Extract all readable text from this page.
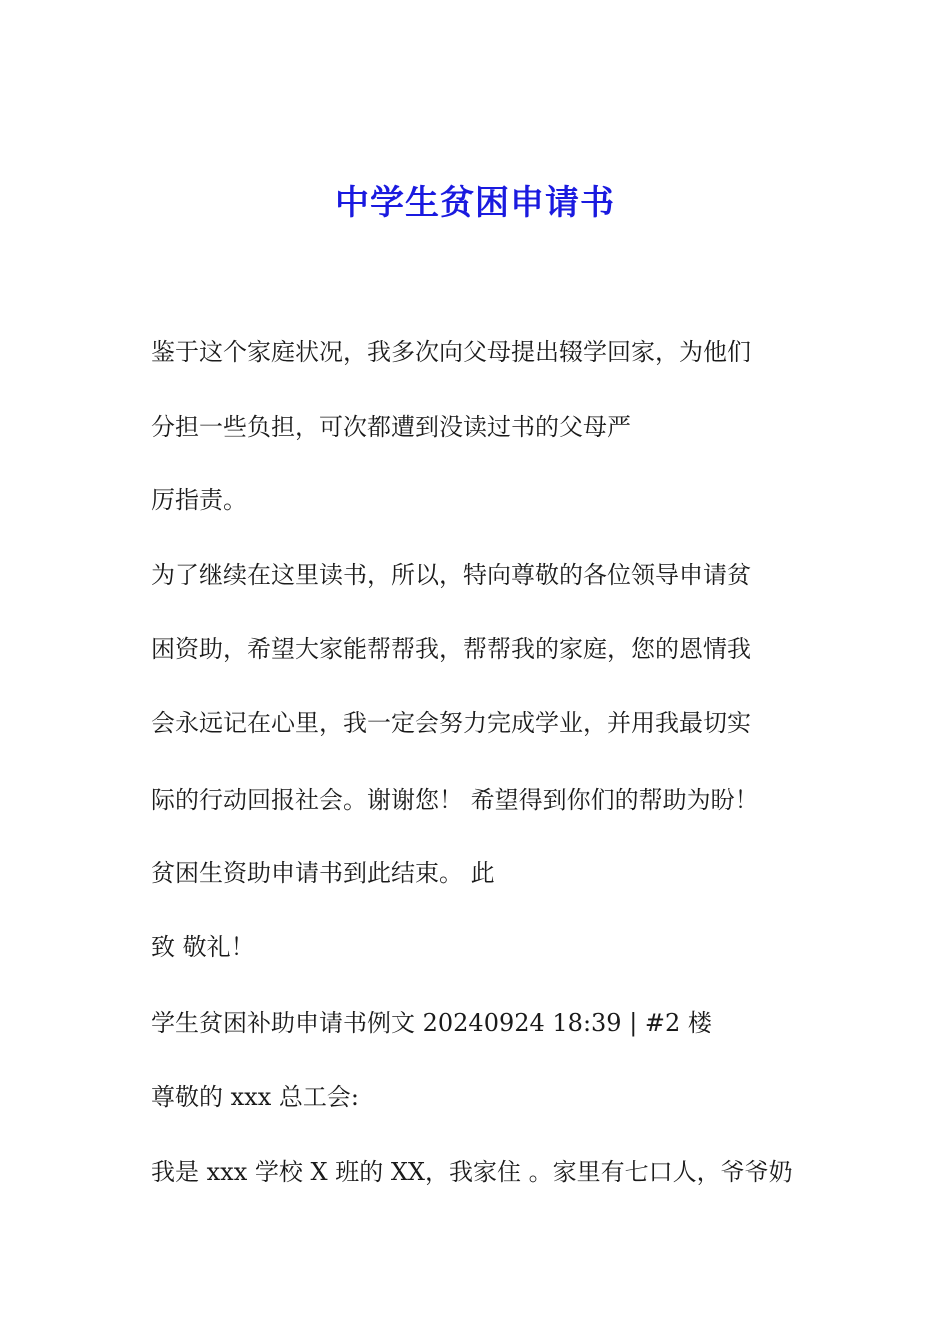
中学生贫困申请书
鉴于这个家庭状况，我多次向父母提出辍学回家，为他们
分担一些负担，可次都遭到没读过书的父母严
厉指责。
为了继续在这里读书，所以，特向尊敬的各位领导申请贫
困资助，希望大家能帮帮我，帮帮我的家庭，您的恩情我
会永远记在心里，我一定会努力完成学业，并用我最切实
际的行动回报社会。谢谢您！ 希望得到你们的帮助为盼！
贫困生资助申请书到此结束。 此
致 敬礼！
学生贫困补助申请书例文 20240924 18:39 | #2 楼
尊敬的 xxx 总工会:
我是 xxx 学校 X 班的 XX，我家住 。家里有七口人，爷爷奶
